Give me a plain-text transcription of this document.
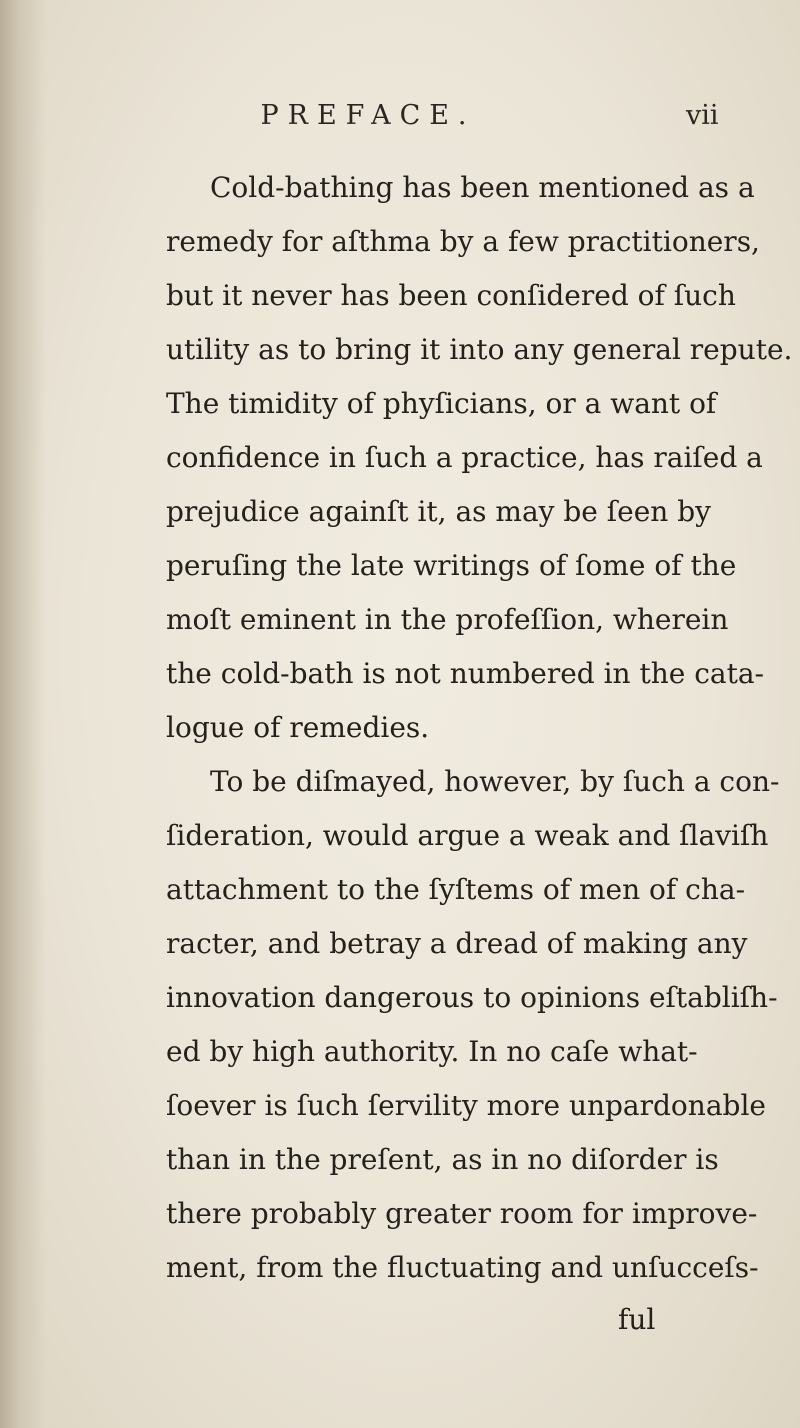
PREFACE.	vii
Cold-bathing has been mentioned as a
remedy for aſthma by a few practitioners,
but it never has been conſidered of ſuch
utility as to bring it into any general repute.
The timidity of phyſicians, or a want of
confidence in ſuch a practice, has raiſed a
prejudice againſt it, as may be ſeen by
peruſing the late writings of ſome of the
moſt eminent in the profeſſion, wherein
the cold-bath is not numbered in the cata-
logue of remedies.
To be diſmayed, however, by ſuch a con-
ſideration, would argue a weak and ſlaviſh
attachment to the ſyſtems of men of cha-
racter, and betray a dread of making any
innovation dangerous to opinions eſtabliſh-
ed by high authority. In no caſe what-
ſoever is ſuch ſervility more unpardonable
than in the preſent, as in no diſorder is
there probably greater room for improve-
ment, from the fluctuating and unſucceſs-
ful
